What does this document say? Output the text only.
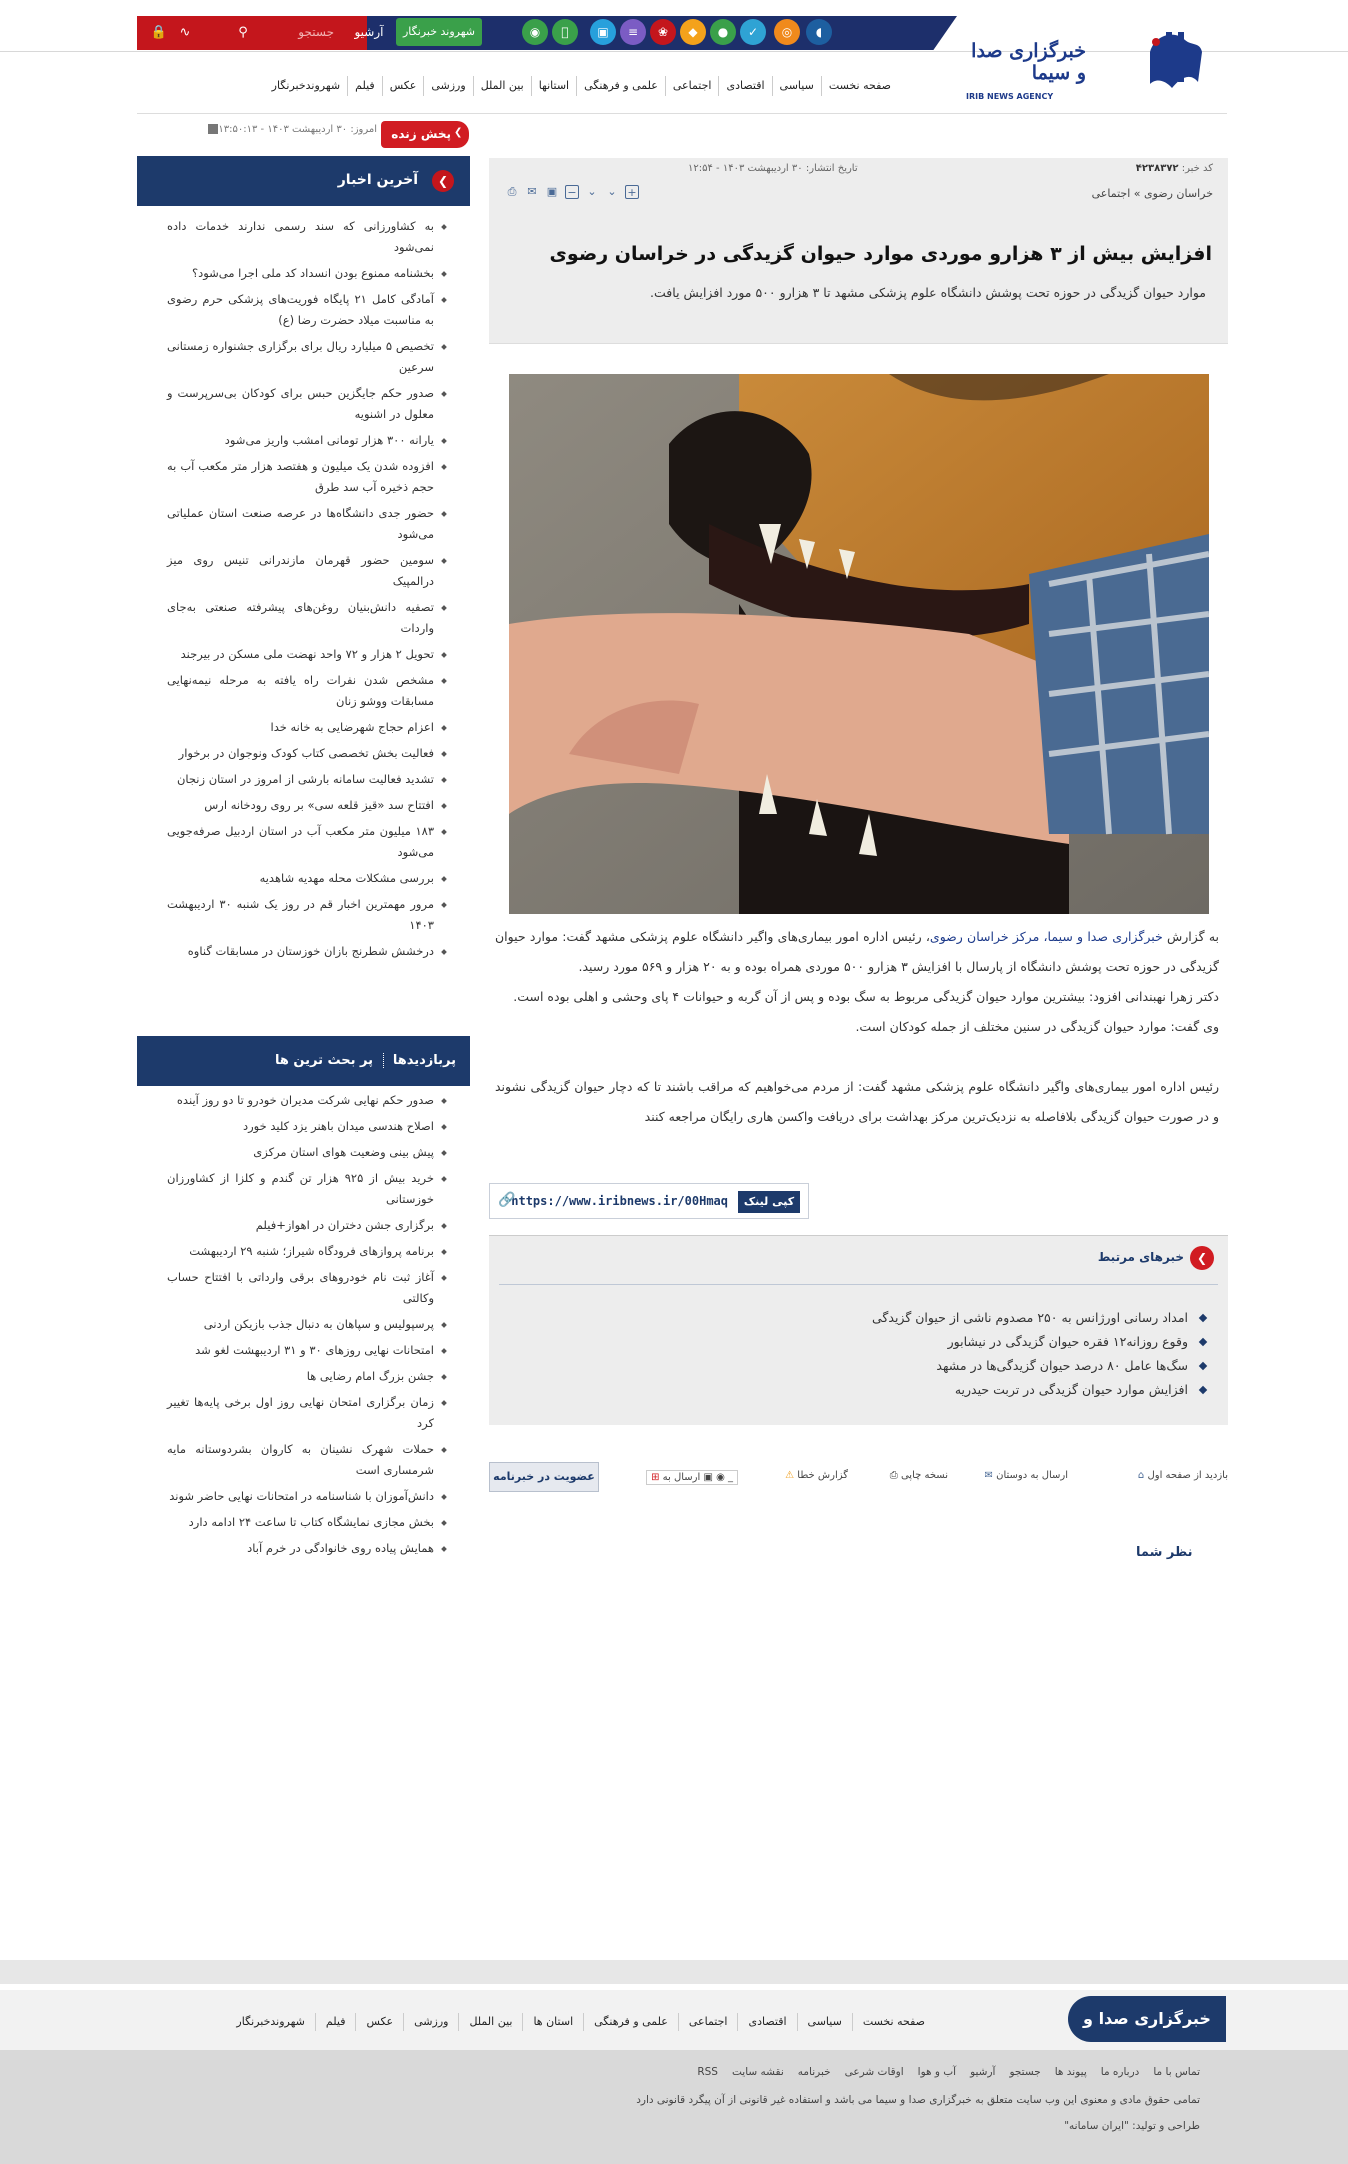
🔒 ∿	⚲	جستجو	آرشیو	شهروند خبرنگار	◉	▣	≡	❀	◆	●	✓	◎	◖
خبرگزاری صدا و سیما
IRIB NEWS AGENCY
صفحه نخست
سیاسی
اقتصادی
اجتماعی
علمی و فرهنگی
استانها
بین الملل
ورزشی
عکس
فیلم
شهروندخبرنگار
پخش زنده ❮
امروز: ۳۰ اردیبهشت ۱۴۰۳ - ۱۳:۵۰:۱۳
آخرین اخبار	❮
به کشاورزانی که سند رسمی ندارند خدمات داده نمی‌شود
بخشنامه ممنوع بودن انسداد کد ملی اجرا می‌شود؟
آمادگی کامل ۲۱ پایگاه فوریت‌های پزشکی حرم رضوی به مناسبت میلاد حضرت رضا (ع)
تخصیص ۵ میلیارد ریال برای برگزاری جشنواره زمستانی سرعین
صدور حکم جایگزین حبس برای کودکان بی‌سرپرست و معلول در اشنویه
یارانه ۳۰۰ هزار تومانی امشب واریز می‌شود
افزوده شدن یک میلیون و هفتصد هزار متر مکعب آب به حجم ذخیره آب سد طرق
حضور جدی دانشگاه‌ها در عرصه صنعت استان عملیاتی می‌شود
سومین حضور قهرمان مازندرانی تنیس روی میز درالمپیک
تصفیه دانش‌بنیان روغن‌های پیشرفته صنعتی به‌جای واردات
تحویل ۲ هزار و ۷۲ واحد نهضت ملی مسکن در بیرجند
مشخص شدن نفرات راه یافته به مرحله نیمه‌نهایی مسابقات ووشو زنان
اعزام حجاج شهرضایی به خانه خدا
فعالیت بخش تخصصی کتاب کودک ونوجوان در برخوار
تشدید فعالیت سامانه بارشی از امروز در استان زنجان
افتتاح سد «قیز قلعه سی» بر روی رودخانه ارس
۱۸۳ میلیون متر مکعب آب در استان اردبیل صرفه‌جویی می‌شود
بررسی مشکلات محله مهدیه شاهدیه
مرور مهمترین اخبار قم در روز یک شنبه ۳۰ اردیبهشت ۱۴۰۳
درخشش شطرنج بازان خوزستان در مسابقات گناوه
پربازدیدها
پر بحث ترین ها
صدور حکم نهایی شرکت مدیران خودرو تا دو روز آینده
اصلاح هندسی میدان باهنر یزد کلید خورد
پیش بینی وضعیت هوای استان مرکزی
خرید بیش از ۹۲۵ هزار تن گندم و کلزا از کشاورزان خوزستانی
برگزاری جشن دختران در اهواز+فیلم
برنامه پروازهای فرودگاه شیراز؛ شنبه ۲۹ اردیبهشت
آغاز ثبت نام خودروهای برقی وارداتی با افتتاح حساب وکالتی
پرسپولیس و سپاهان به دنبال جذب بازیکن اردنی
امتحانات نهایی روزهای ۳۰ و ۳۱ اردیبهشت لغو شد
جشن بزرگ امام رضایی ها
زمان برگزاری امتحان نهایی روز اول برخی پایه‌ها تغییر کرد
حملات شهرک نشینان به کاروان بشردوستانه مایه شرمساری است
دانش‌آموزان با شناسنامه در امتحانات نهایی حاضر شوند
بخش مجازی نمایشگاه کتاب تا ساعت ۲۴ ادامه دارد
همایش پیاده روی خانوادگی در خرم آباد
کد خبر: ۴۲۳۸۳۷۲
تاریخ انتشار: ۳۰ اردیبهشت ۱۴۰۳ - ۱۲:۵۴
خراسان رضوی » اجتماعی
⎙ ✉ ▣ − ⌄ ⌄ +
افزایش بیش از ۳ هزارو موردی موارد حیوان گزیدگی در خراسان رضوی
موارد حیوان گزیدگی در حوزه تحت پوشش دانشگاه علوم پزشکی مشهد تا ۳ هزارو ۵۰۰ مورد افزایش یافت.

به گزارش خبرگزاری صدا و سیما، مرکز خراسان رضوی، رئیس اداره امور بیماری‌های واگیر دانشگاه علوم پزشکی مشهد گفت: موارد حیوان گزیدگی در حوزه تحت پوشش دانشگاه از پارسال با افزایش ۳ هزارو ۵۰۰ موردی همراه بوده و به ۲۰ هزار و ۵۶۹ مورد رسید.

دکتر زهرا نهبندانی افزود: بیشترین موارد حیوان گزیدگی مربوط به سگ بوده و پس از آن گربه و حیوانات ۴ پای وحشی و اهلی بوده است.

وی گفت: موارد حیوان گزیدگی در سنین مختلف از جمله کودکان است.

رئیس اداره امور بیماری‌های واگیر دانشگاه علوم پزشکی مشهد گفت: از مردم می‌خواهیم که مراقب باشند تا که دچار حیوان گزیدگی نشوند و در صورت حیوان گزیدگی بلافاصله به نزدیک‌ترین مرکز بهداشت برای دریافت واکسن هاری رایگان مراجعه کنند

کپی لینک
https://www.iribnews.ir/00Hmaq
🔗
❮
خبرهای مرتبط
امداد رسانی اورژانس به ۲۵۰ مصدوم ناشی از حیوان گزیدگی
وقوع روزانه۱۲ فقره حیوان گزیدگی در نیشابور
سگ‌ها عامل ۸۰ درصد حیوان گزیدگی‌ها در مشهد
افزایش موارد حیوان گزیدگی در تربت حیدریه
⌂ بازدید از صفحه اول
✉ ارسال به دوستان
⎙ نسخه چاپی
⚠ گزارش خطا
⊞ ارسال به ▣ ◉ _
عضویت در خبرنامه
نظر شما
خبرگزاری صدا و
صفحه نخست
سیاسی
اقتصادی
اجتماعی
علمی و فرهنگی
استان ها
بین الملل
ورزشی
عکس
فیلم
شهروندخبرنگار
تماس با ما
درباره ما
پیوند ها
جستجو
آرشیو
آب و هوا
اوقات شرعی
خبرنامه
نقشه سایت
RSS
تمامی حقوق مادی و معنوی این وب سایت متعلق به خبرگزاری صدا و سیما می باشد و استفاده غیر قانونی از آن پیگرد قانونی دارد
طراحی و تولید: "ایران سامانه"
